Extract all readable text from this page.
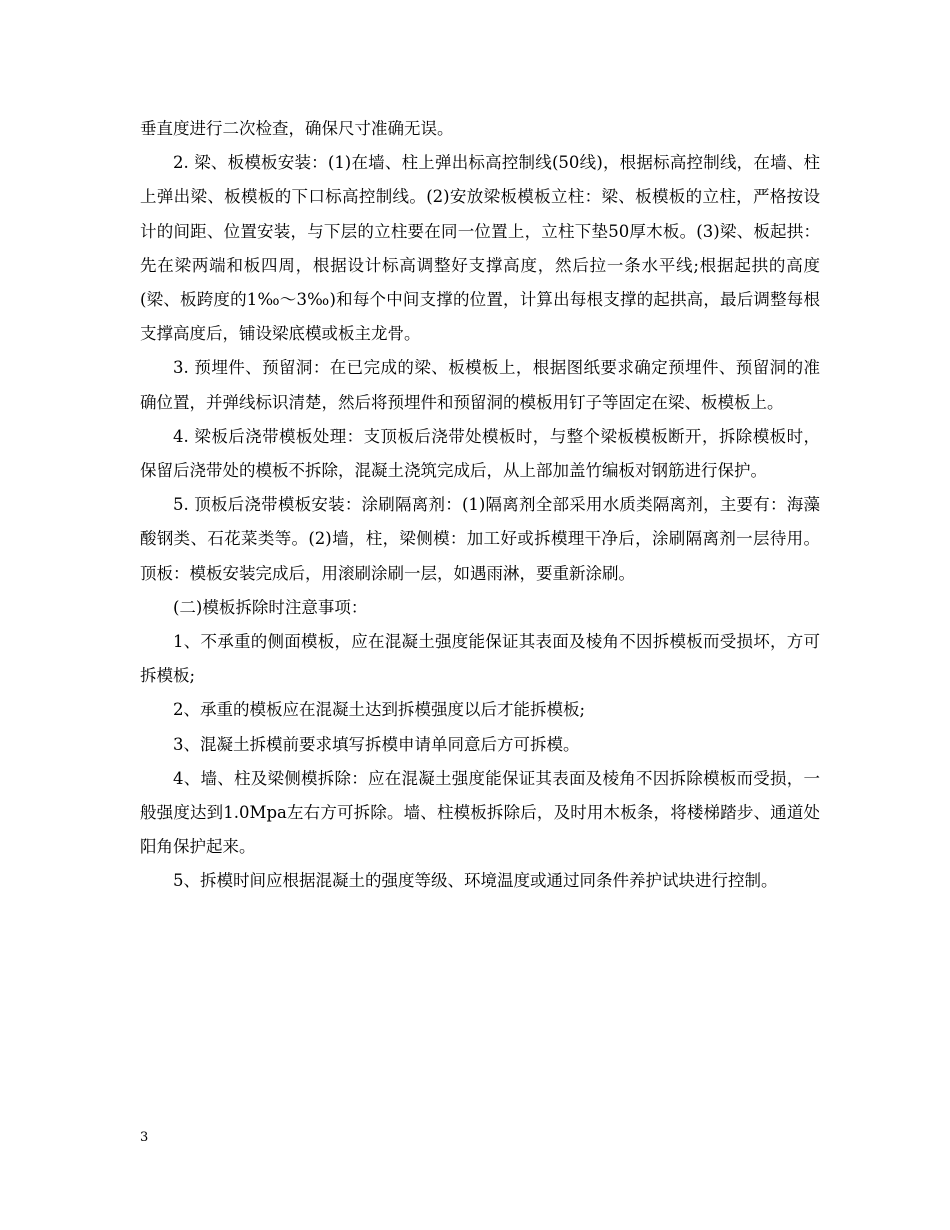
垂直度进行二次检查，确保尺寸准确无误。

2. 梁、板模板安装：(1)在墙、柱上弹出标高控制线(50线)，根据标高控制线，在墙、柱上弹出梁、板模板的下口标高控制线。(2)安放梁板模板立柱：梁、板模板的立柱，严格按设计的间距、位置安装，与下层的立柱要在同一位置上，立柱下垫50厚木板。(3)梁、板起拱：先在梁两端和板四周，根据设计标高调整好支撑高度，然后拉一条水平线;根据起拱的高度(梁、板跨度的1‰～3‰)和每个中间支撑的位置，计算出每根支撑的起拱高，最后调整每根支撑高度后，铺设梁底模或板主龙骨。

3. 预埋件、预留洞：在已完成的梁、板模板上，根据图纸要求确定预埋件、预留洞的准确位置，并弹线标识清楚，然后将预埋件和预留洞的模板用钉子等固定在梁、板模板上。

4. 梁板后浇带模板处理：支顶板后浇带处模板时，与整个梁板模板断开，拆除模板时，保留后浇带处的模板不拆除，混凝土浇筑完成后，从上部加盖竹编板对钢筋进行保护。

5. 顶板后浇带模板安装：涂刷隔离剂：(1)隔离剂全部采用水质类隔离剂，主要有：海藻酸钢类、石花菜类等。(2)墙，柱，梁侧模：加工好或拆模理干净后，涂刷隔离剂一层待用。顶板：模板安装完成后，用滚刷涂刷一层，如遇雨淋，要重新涂刷。

(二)模板拆除时注意事项：

1、不承重的侧面模板，应在混凝土强度能保证其表面及棱角不因拆模板而受损坏，方可拆模板;

2、承重的模板应在混凝土达到拆模强度以后才能拆模板;

3、混凝土拆模前要求填写拆模申请单同意后方可拆模。

4、墙、柱及梁侧模拆除：应在混凝土强度能保证其表面及棱角不因拆除模板而受损，一般强度达到1.0Mpa左右方可拆除。墙、柱模板拆除后，及时用木板条，将楼梯踏步、通道处阳角保护起来。

5、拆模时间应根据混凝土的强度等级、环境温度或通过同条件养护试块进行控制。

3
